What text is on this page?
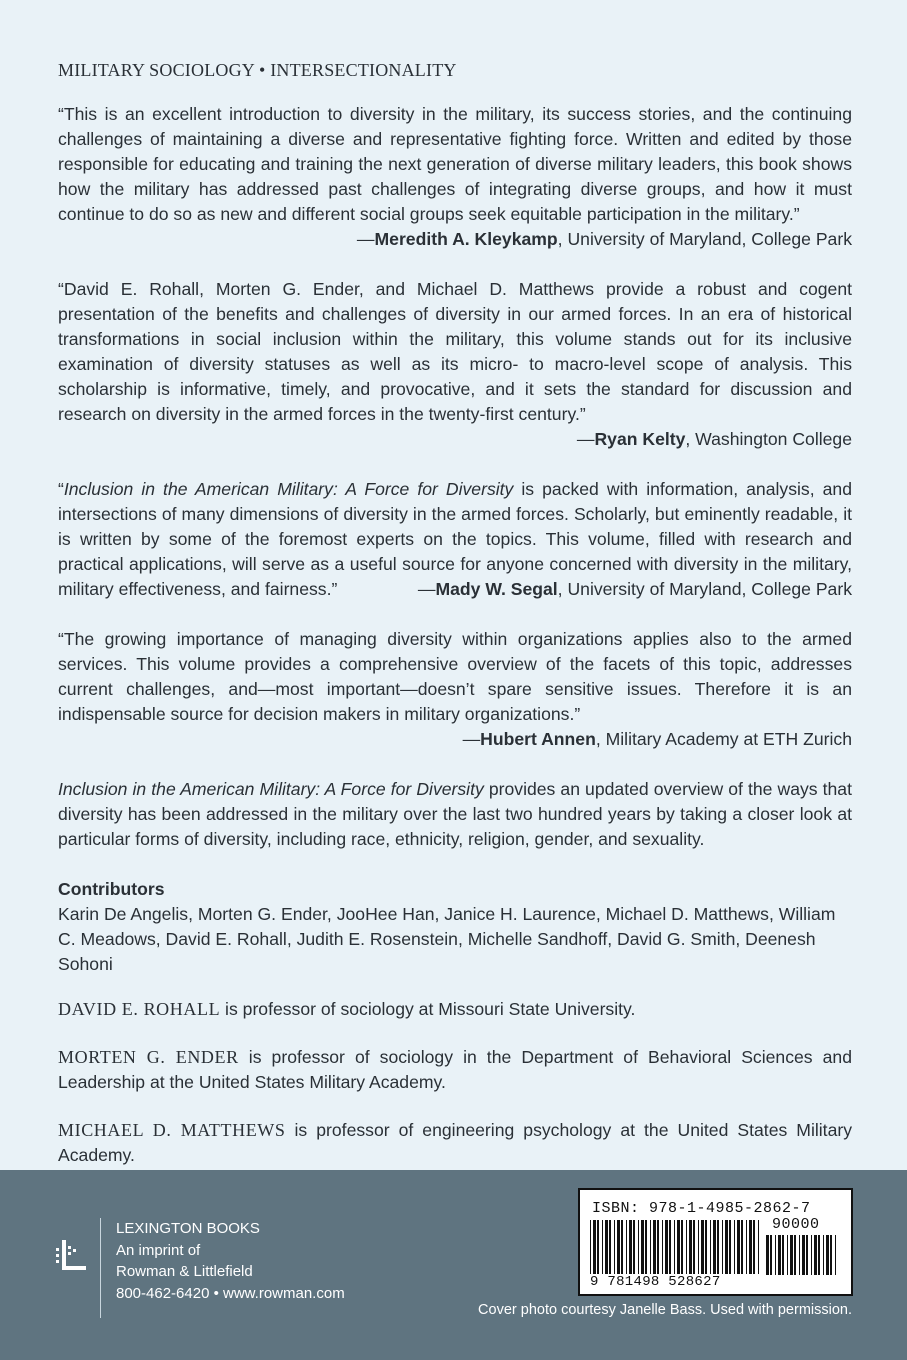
MILITARY SOCIOLOGY • INTERSECTIONALITY

“This is an excellent introduction to diversity in the military, its success stories, and the continuing challenges of maintaining a diverse and representative fighting force. Written and edited by those responsible for educating and training the next generation of diverse military leaders, this book shows how the military has addressed past challenges of integrating diverse groups, and how it must continue to do so as new and different social groups seek equitable participation in the military.”

—Meredith A. Kleykamp, University of Maryland, College Park

“David E. Rohall, Morten G. Ender, and Michael D. Matthews provide a robust and cogent presentation of the benefits and challenges of diversity in our armed forces. In an era of historical transformations in social inclusion within the military, this volume stands out for its inclusive examination of diversity statuses as well as its micro- to macro-level scope of analysis. This scholarship is informative, timely, and provocative, and it sets the standard for discussion and research on diversity in the armed forces in the twenty-first century.”
—Ryan Kelty, Washington College

“Inclusion in the American Military: A Force for Diversity is packed with information, analysis, and intersections of many dimensions of diversity in the armed forces. Scholarly, but eminently readable, it is written by some of the foremost experts on the topics. This volume, filled with research and practical applications, will serve as a useful source for anyone concerned with diversity in the military, military effectiveness, and fairness.”	—Mady W. Segal, University of Maryland, College Park

“The growing importance of managing diversity within organizations applies also to the armed services. This volume provides a comprehensive overview of the facets of this topic, addresses current challenges, and—most important—doesn’t spare sensitive issues. Therefore it is an indispensable source for decision makers in military organizations.”

—Hubert Annen, Military Academy at ETH Zurich

Inclusion in the American Military: A Force for Diversity provides an updated overview of the ways that diversity has been addressed in the military over the last two hundred years by taking a closer look at particular forms of diversity, including race, ethnicity, religion, gender, and sexuality.

Contributors

Karin De Angelis, Morten G. Ender, JooHee Han, Janice H. Laurence, Michael D. Matthews, William C. Meadows, David E. Rohall, Judith E. Rosenstein, Michelle Sandhoff, David G. Smith, Deenesh Sohoni

DAVID E. ROHALL is professor of sociology at Missouri State University.

MORTEN G. ENDER is professor of sociology in the Department of Behavioral Sciences and Leadership at the United States Military Academy.

MICHAEL D. MATTHEWS is professor of engineering psychology at the United States Military Academy.

LEXINGTON BOOKS
An imprint of
Rowman & Littlefield
800-462-6420 • www.rowman.com
ISBN: 978-1-4985-2862-7
90000
9 781498 528627
Cover photo courtesy Janelle Bass. Used with permission.
